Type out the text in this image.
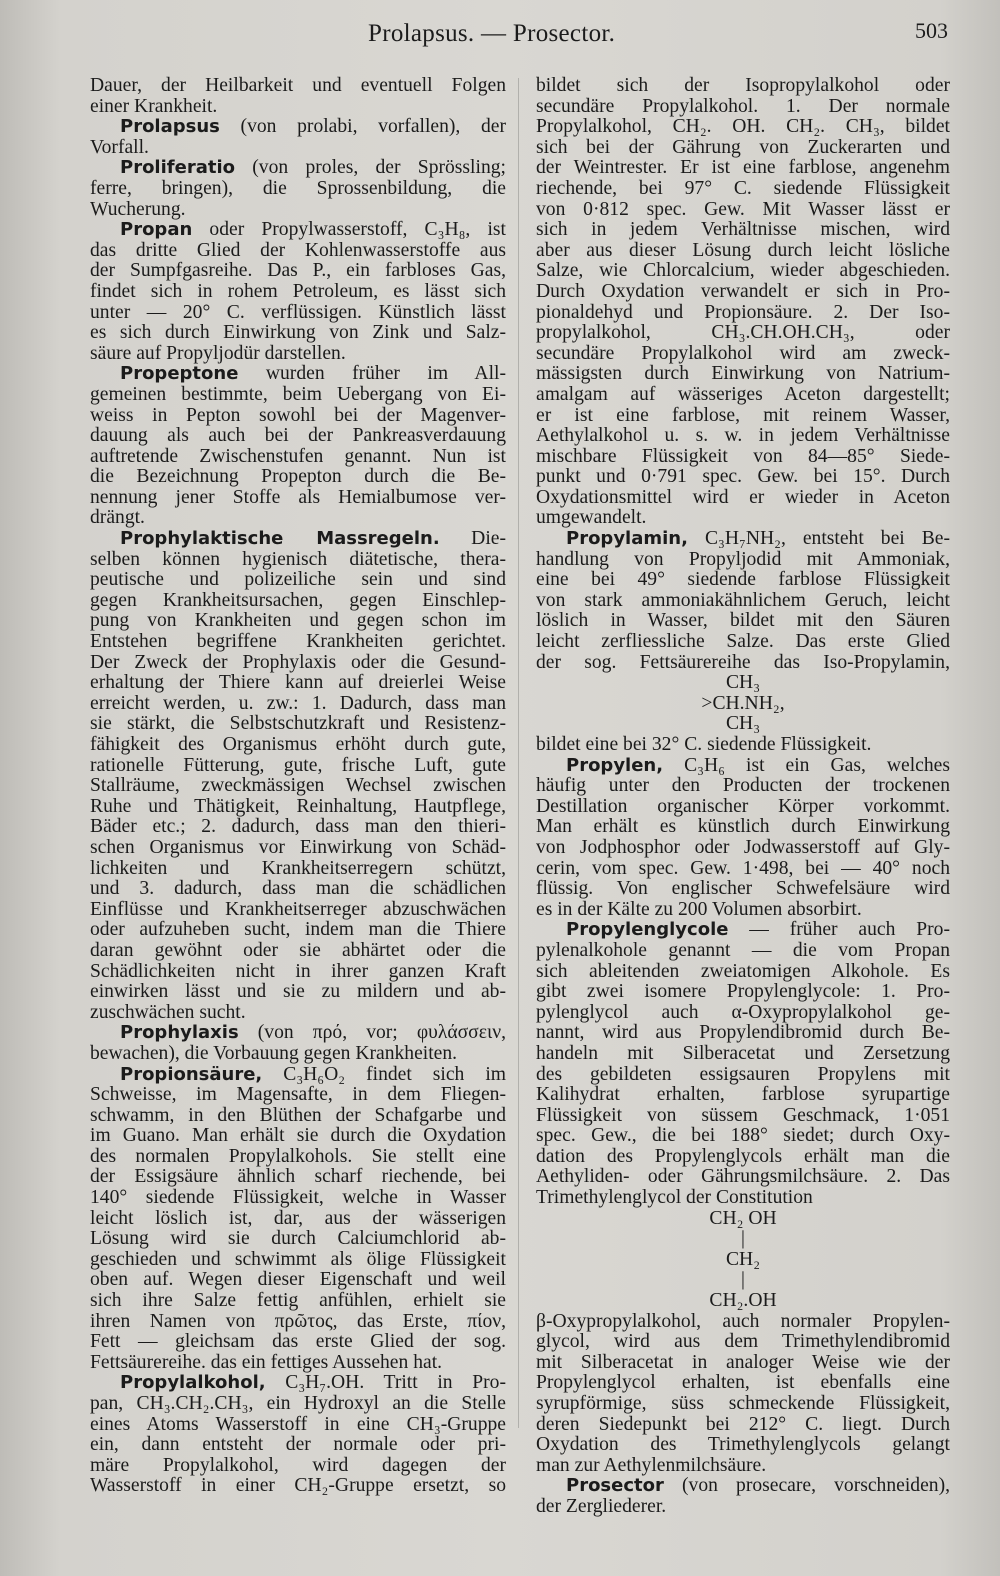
Prolapsus. — Prosector.	503
Dauer, der Heilbarkeit und eventuell Folgen
einer Krankheit.
Prolapsus (von prolabi, vorfallen), der
Vorfall.
Proliferatio (von proles, der Sprössling;
ferre, bringen), die Sprossenbildung, die
Wucherung.
Propan oder Propylwasserstoff, C₃H₈, ist
das dritte Glied der Kohlenwasserstoffe aus
der Sumpfgasreihe. Das P., ein farbloses Gas,
findet sich in rohem Petroleum, es lässt sich
unter — 20° C. verflüssigen. Künstlich lässt
es sich durch Einwirkung von Zink und Salz-
säure auf Propyljodür darstellen.
Propeptone wurden früher im All-
gemeinen bestimmte, beim Uebergang von Ei-
weiss in Pepton sowohl bei der Magenver-
dauung als auch bei der Pankreasverdauung
auftretende Zwischenstufen genannt. Nun ist
die Bezeichnung Propepton durch die Be-
nennung jener Stoffe als Hemialbumose ver-
drängt.
Prophylaktische Massregeln. Die-
selben können hygienisch diätetische, thera-
peutische und polizeiliche sein und sind
gegen Krankheitsursachen, gegen Einschlep-
pung von Krankheiten und gegen schon im
Entstehen begriffene Krankheiten gerichtet.
Der Zweck der Prophylaxis oder die Gesund-
erhaltung der Thiere kann auf dreierlei Weise
erreicht werden, u. zw.: 1. Dadurch, dass man
sie stärkt, die Selbstschutzkraft und Resistenz-
fähigkeit des Organismus erhöht durch gute,
rationelle Fütterung, gute, frische Luft, gute
Stallräume, zweckmässigen Wechsel zwischen
Ruhe und Thätigkeit, Reinhaltung, Hautpflege,
Bäder etc.; 2. dadurch, dass man den thieri-
schen Organismus vor Einwirkung von Schäd-
lichkeiten und Krankheitserregern schützt,
und 3. dadurch, dass man die schädlichen
Einflüsse und Krankheitserreger abzuschwächen
oder aufzuheben sucht, indem man die Thiere
daran gewöhnt oder sie abhärtet oder die
Schädlichkeiten nicht in ihrer ganzen Kraft
einwirken lässt und sie zu mildern und ab-
zuschwächen sucht.
Prophylaxis (von πρό, vor; φυλάσσειν,
bewachen), die Vorbauung gegen Krankheiten.
Propionsäure, C₃H₆O₂ findet sich im
Schweisse, im Magensafte, in dem Fliegen-
schwamm, in den Blüthen der Schafgarbe und
im Guano. Man erhält sie durch die Oxydation
des normalen Propylalkohols. Sie stellt eine
der Essigsäure ähnlich scharf riechende, bei
140° siedende Flüssigkeit, welche in Wasser
leicht löslich ist, dar, aus der wässerigen
Lösung wird sie durch Calciumchlorid ab-
geschieden und schwimmt als ölige Flüssigkeit
oben auf. Wegen dieser Eigenschaft und weil
sich ihre Salze fettig anfühlen, erhielt sie
ihren Namen von πρῶτος, das Erste, πίον,
Fett — gleichsam das erste Glied der sog.
Fettsäurereihe. das ein fettiges Aussehen hat.
Propylalkohol, C₃H₇.OH. Tritt in Pro-
pan, CH₃.CH₂.CH₃, ein Hydroxyl an die Stelle
eines Atoms Wasserstoff in eine CH₃-Gruppe
ein, dann entsteht der normale oder pri-
märe Propylalkohol, wird dagegen der
Wasserstoff in einer CH₂-Gruppe ersetzt, so
bildet sich der Isopropylalkohol oder
secundäre Propylalkohol. 1. Der normale
Propylalkohol, CH₂. OH. CH₂. CH₃, bildet
sich bei der Gährung von Zuckerarten und
der Weintrester. Er ist eine farblose, angenehm
riechende, bei 97° C. siedende Flüssigkeit
von 0·812 spec. Gew. Mit Wasser lässt er
sich in jedem Verhältnisse mischen, wird
aber aus dieser Lösung durch leicht lösliche
Salze, wie Chlorcalcium, wieder abgeschieden.
Durch Oxydation verwandelt er sich in Pro-
pionaldehyd und Propionsäure. 2. Der Iso-
propylalkohol, CH₃.CH.OH.CH₃, oder
secundäre Propylalkohol wird am zweck-
mässigsten durch Einwirkung von Natrium-
amalgam auf wässeriges Aceton dargestellt;
er ist eine farblose, mit reinem Wasser,
Aethylalkohol u. s. w. in jedem Verhältnisse
mischbare Flüssigkeit von 84—85° Siede-
punkt und 0·791 spec. Gew. bei 15°. Durch
Oxydationsmittel wird er wieder in Aceton
umgewandelt.
Propylamin, C₃H₇NH₂, entsteht bei Be-
handlung von Propyljodid mit Ammoniak,
eine bei 49° siedende farblose Flüssigkeit
von stark ammoniakähnlichem Geruch, leicht
löslich in Wasser, bildet mit den Säuren
leicht zerfliessliche Salze. Das erste Glied
der sog. Fettsäurereihe das Iso-Propylamin,
CH₃
>CH.NH₂,
CH₃
bildet eine bei 32° C. siedende Flüssigkeit.
Propylen, C₃H₆ ist ein Gas, welches
häufig unter den Producten der trockenen
Destillation organischer Körper vorkommt.
Man erhält es künstlich durch Einwirkung
von Jodphosphor oder Jodwasserstoff auf Gly-
cerin, vom spec. Gew. 1·498, bei — 40° noch
flüssig. Von englischer Schwefelsäure wird
es in der Kälte zu 200 Volumen absorbirt.
Propylenglycole — früher auch Pro-
pylenalkohole genannt — die vom Propan
sich ableitenden zweiatomigen Alkohole. Es
gibt zwei isomere Propylenglycole: 1. Pro-
pylenglycol auch α-Oxypropylalkohol ge-
nannt, wird aus Propylendibromid durch Be-
handeln mit Silberacetat und Zersetzung
des gebildeten essigsauren Propylens mit
Kalihydrat erhalten, farblose syrupartige
Flüssigkeit von süssem Geschmack, 1·051
spec. Gew., die bei 188° siedet; durch Oxy-
dation des Propylenglycols erhält man die
Aethyliden- oder Gährungsmilchsäure. 2. Das
Trimethylenglycol der Constitution
CH₂ OH
|
CH₂
|
CH₂.OH
β-Oxypropylalkohol, auch normaler Propylen-
glycol, wird aus dem Trimethylendibromid
mit Silberacetat in analoger Weise wie der
Propylenglycol erhalten, ist ebenfalls eine
syrupförmige, süss schmeckende Flüssigkeit,
deren Siedepunkt bei 212° C. liegt. Durch
Oxydation des Trimethylenglycols gelangt
man zur Aethylenmilchsäure.
Prosector (von prosecare, vorschneiden),
der Zergliederer.
